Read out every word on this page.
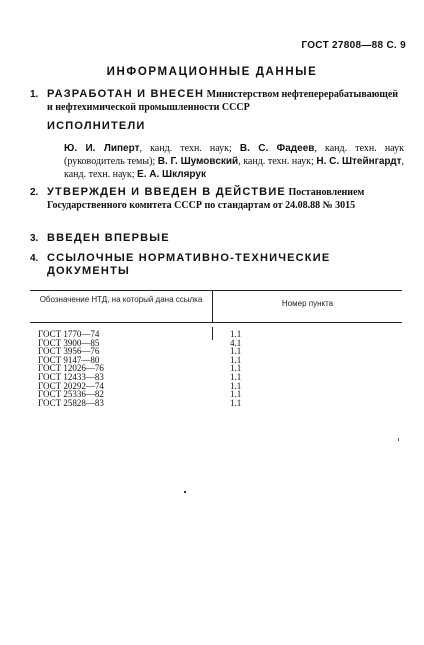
ГОСТ 27808—88 С. 9
ИНФОРМАЦИОННЫЕ ДАННЫЕ
1. РАЗРАБОТАН И ВНЕСЕН Министерством нефтеперерабатывающей и нефтехимической промышленности СССР
ИСПОЛНИТЕЛИ
Ю. И. Липерт, канд. техн. наук; В. С. Фадеев, канд. техн. наук (руководитель темы); В. Г. Шумовский, канд. техн. наук; Н. С. Штейнгардт, канд. техн. наук; Е. А. Шклярук
2. УТВЕРЖДЕН И ВВЕДЕН В ДЕЙСТВИЕ Постановлением Государственного комитета СССР по стандартам от 24.08.88 № 3015
3. ВВЕДЕН ВПЕРВЫЕ
4. ССЫЛОЧНЫЕ НОРМАТИВНО-ТЕХНИЧЕСКИЕ ДОКУМЕНТЫ
Обозначение НТД, на который дана ссылка	Номер пункта
ГОСТ 1770—74	1.1
ГОСТ 3900—85	4.1
ГОСТ 3956—76	1.1
ГОСТ 9147—80	1.1
ГОСТ 12026—76	1.1
ГОСТ 12433—83	1.1
ГОСТ 20292—74	1.1
ГОСТ 25336—82	1.1
ГОСТ 25828—83	1.1
